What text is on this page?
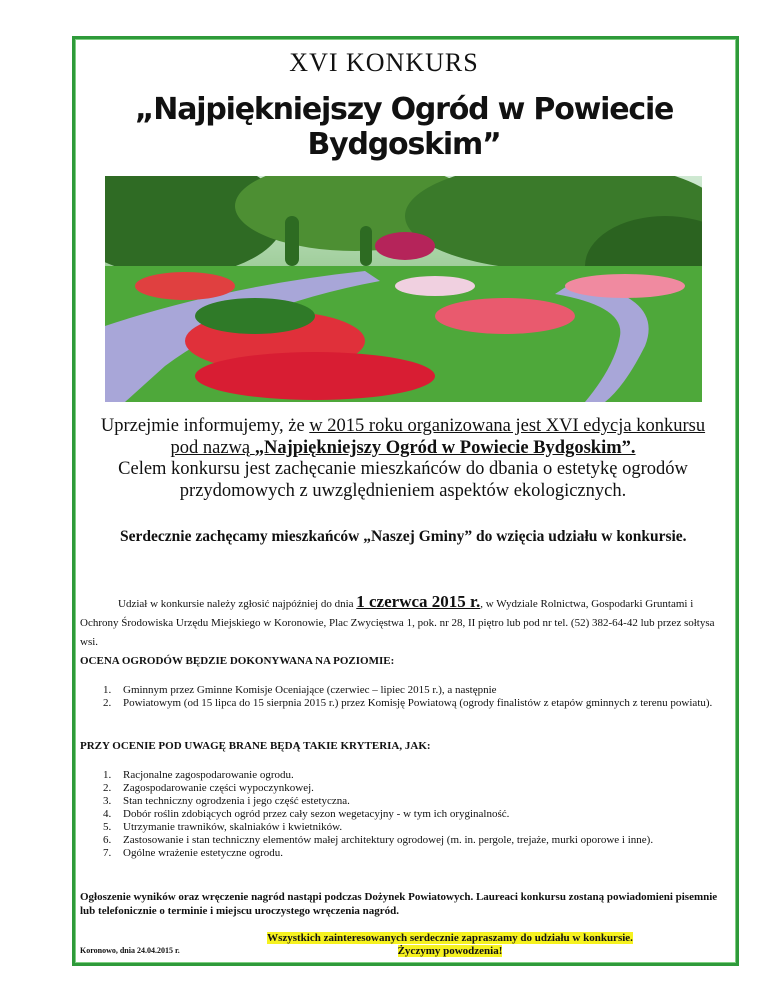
XVI KONKURS
„Najpiękniejszy Ogród w Powiecie Bydgoskim”
Uprzejmie informujemy, że w 2015 roku organizowana jest XVI edycja konkursu
pod nazwą „Najpiękniejszy Ogród w Powiecie Bydgoskim”.
Celem konkursu jest zachęcanie mieszkańców do dbania o estetykę ogrodów przydomowych z uwzględnieniem aspektów ekologicznych.
Serdecznie zachęcamy mieszkańców „Naszej Gminy” do wzięcia udziału w konkursie.
Udział w konkursie należy zgłosić najpóźniej do dnia 1 czerwca 2015 r., w Wydziale Rolnictwa, Gospodarki Gruntami i Ochrony Środowiska Urzędu Miejskiego w Koronowie, Plac Zwycięstwa 1, pok. nr 28, II piętro lub pod nr tel. (52) 382-64-42 lub przez sołtysa wsi.
OCENA OGRODÓW BĘDZIE DOKONYWANA NA POZIOMIE:
1. Gminnym przez Gminne Komisje Oceniające (czerwiec – lipiec 2015 r.), a następnie
2. Powiatowym (od 15 lipca do 15 sierpnia 2015 r.) przez Komisję Powiatową (ogrody finalistów z etapów gminnych z terenu powiatu).
PRZY OCENIE POD UWAGĘ BRANE BĘDĄ TAKIE KRYTERIA, JAK:
1. Racjonalne zagospodarowanie ogrodu.
2. Zagospodarowanie części wypoczynkowej.
3. Stan techniczny ogrodzenia i jego część estetyczna.
4. Dobór roślin zdobiących ogród przez cały sezon wegetacyjny - w tym ich oryginalność.
5. Utrzymanie trawników, skalniaków i kwietników.
6. Zastosowanie i stan techniczny elementów małej architektury ogrodowej (m. in. pergole, trejaże, murki oporowe i inne).
7. Ogólne wrażenie estetyczne ogrodu.
Ogłoszenie wyników oraz wręczenie nagród nastąpi podczas Dożynek Powiatowych. Laureaci konkursu zostaną powiadomieni pisemnie lub telefonicznie o terminie i miejscu uroczystego wręczenia nagród.
Koronowo, dnia 24.04.2015 r.
Wszystkich zainteresowanych serdecznie zapraszamy do udziału w konkursie.
Życzymy powodzenia!
